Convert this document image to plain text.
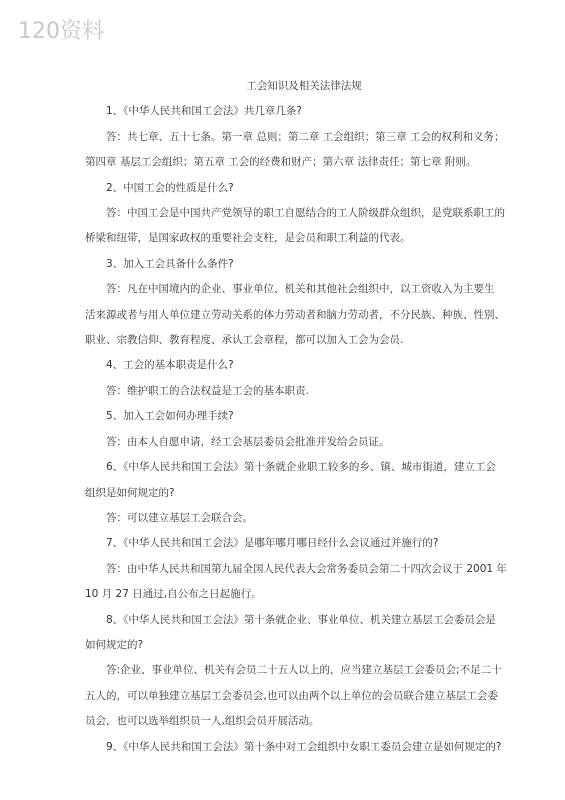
120资料
工会知识及相关法律法规
1、《中华人民共和国工会法》共几章几条?
答：共七章、五十七条。第一章 总则；第二章 工会组织；第三章 工会的权利和义务；
第四章 基层工会组织；第五章 工会的经费和财产；第六章 法律责任；第七章 附则。
2、中国工会的性质是什么?
答：中国工会是中国共产党领导的职工自愿结合的工人阶级群众组织，是党联系职工的
桥梁和纽带，是国家政权的重要社会支柱，是会员和职工利益的代表。
3、加入工会具备什么条件?
答：凡在中国境内的企业、事业单位、机关和其他社会组织中，以工资收入为主要生
活来源或者与用人单位建立劳动关系的体力劳动者和脑力劳动者，不分民族、种族、性别、
职业、宗教信仰、教育程度、承认工会章程，都可以加入工会为会员.
4、工会的基本职责是什么?
答：维护职工的合法权益是工会的基本职责.
5、加入工会如何办理手续?
答：由本人自愿申请，经工会基层委员会批准并发给会员证。
6、《中华人民共和国工会法》第十条就企业职工较多的乡、镇、城市街道，建立工会
组织是如何规定的?
答：可以建立基层工会联合会。
7、《中华人民共和国工会法》是哪年哪月哪日经什么会议通过并施行的?
答：由中华人民共和国第九届全国人民代表大会常务委员会第二十四次会议于 2001 年
10 月 27 日通过,自公布之日起施行。
8、《中华人民共和国工会法》第十条就企业、事业单位、机关建立基层工会委员会是
如何规定的?
答:企业、事业单位、机关有会员二十五人以上的，应当建立基层工会委员会;不足二十
五人的，可以单独建立基层工会委员会,也可以由两个以上单位的会员联合建立基层工会委
员会，也可以选举组织员一人,组织会员开展活动。
9、《中华人民共和国工会法》第十条中对工会组织中女职工委员会建立是如何规定的?
